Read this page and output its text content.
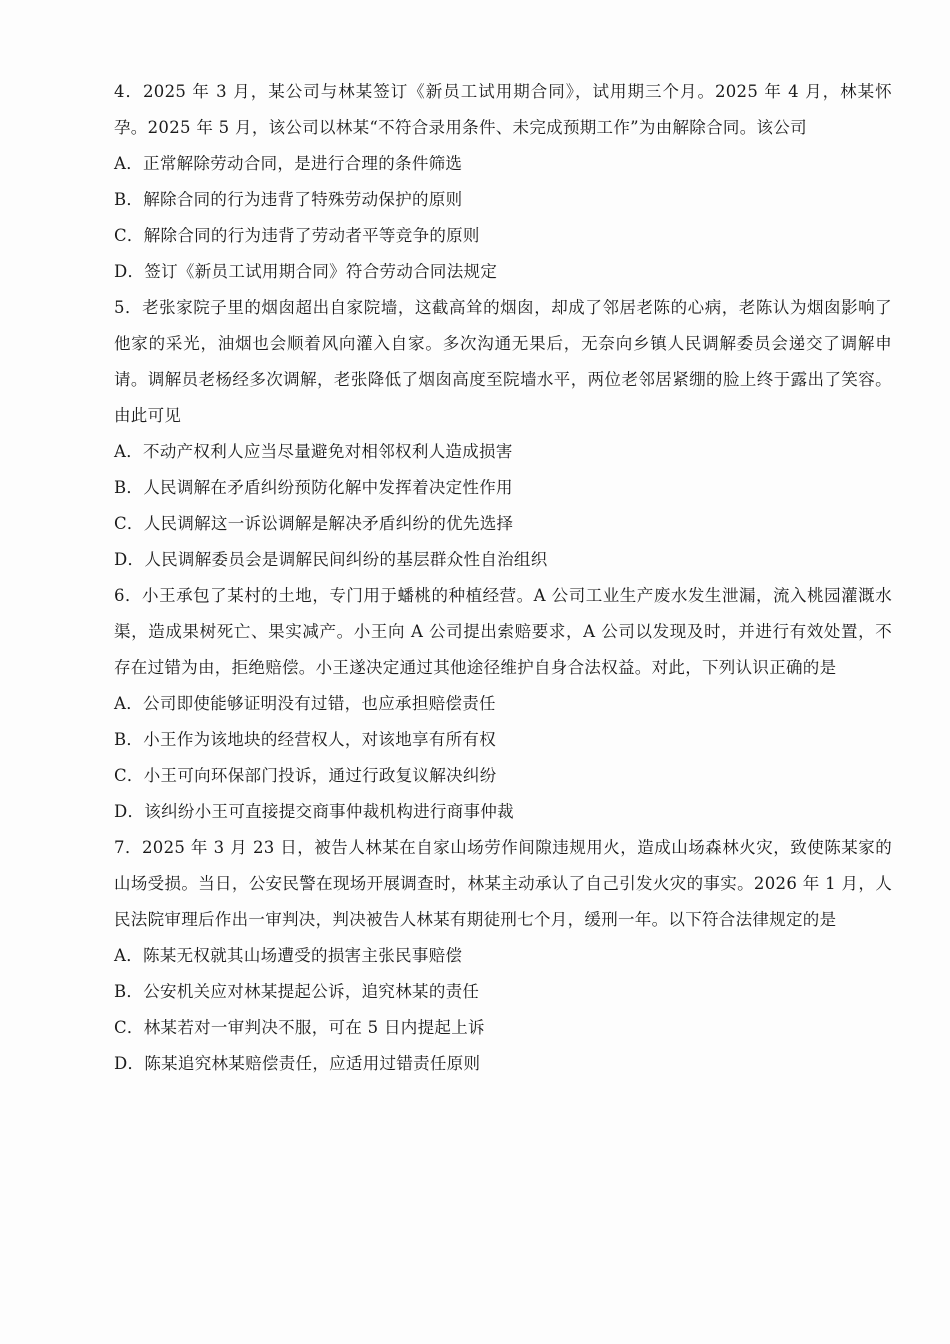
4．2025 年 3 月，某公司与林某签订《新员工试用期合同》，试用期三个月。2025 年 4 月，林某怀孕。2025 年 5 月，该公司以林某“不符合录用条件、未完成预期工作”为由解除合同。该公司

A．正常解除劳动合同，是进行合理的条件筛选

B．解除合同的行为违背了特殊劳动保护的原则

C．解除合同的行为违背了劳动者平等竞争的原则

D．签订《新员工试用期合同》符合劳动合同法规定

5．老张家院子里的烟囱超出自家院墙，这截高耸的烟囱，却成了邻居老陈的心病，老陈认为烟囱影响了他家的采光，油烟也会顺着风向灌入自家。多次沟通无果后，无奈向乡镇人民调解委员会递交了调解申请。调解员老杨经多次调解，老张降低了烟囱高度至院墙水平，两位老邻居紧绷的脸上终于露出了笑容。由此可见

A．不动产权利人应当尽量避免对相邻权利人造成损害

B．人民调解在矛盾纠纷预防化解中发挥着决定性作用

C．人民调解这一诉讼调解是解决矛盾纠纷的优先选择

D．人民调解委员会是调解民间纠纷的基层群众性自治组织

6．小王承包了某村的土地，专门用于蟠桃的种植经营。A 公司工业生产废水发生泄漏，流入桃园灌溉水渠，造成果树死亡、果实减产。小王向 A 公司提出索赔要求，A 公司以发现及时，并进行有效处置，不存在过错为由，拒绝赔偿。小王遂决定通过其他途径维护自身合法权益。对此，下列认识正确的是

A．公司即使能够证明没有过错，也应承担赔偿责任

B．小王作为该地块的经营权人，对该地享有所有权

C．小王可向环保部门投诉，通过行政复议解决纠纷

D．该纠纷小王可直接提交商事仲裁机构进行商事仲裁

7．2025 年 3 月 23 日，被告人林某在自家山场劳作间隙违规用火，造成山场森林火灾，致使陈某家的山场受损。当日，公安民警在现场开展调查时，林某主动承认了自己引发火灾的事实。2026 年 1 月，人民法院审理后作出一审判决，判决被告人林某有期徒刑七个月，缓刑一年。以下符合法律规定的是

A．陈某无权就其山场遭受的损害主张民事赔偿

B．公安机关应对林某提起公诉，追究林某的责任

C．林某若对一审判决不服，可在 5 日内提起上诉

D．陈某追究林某赔偿责任，应适用过错责任原则
